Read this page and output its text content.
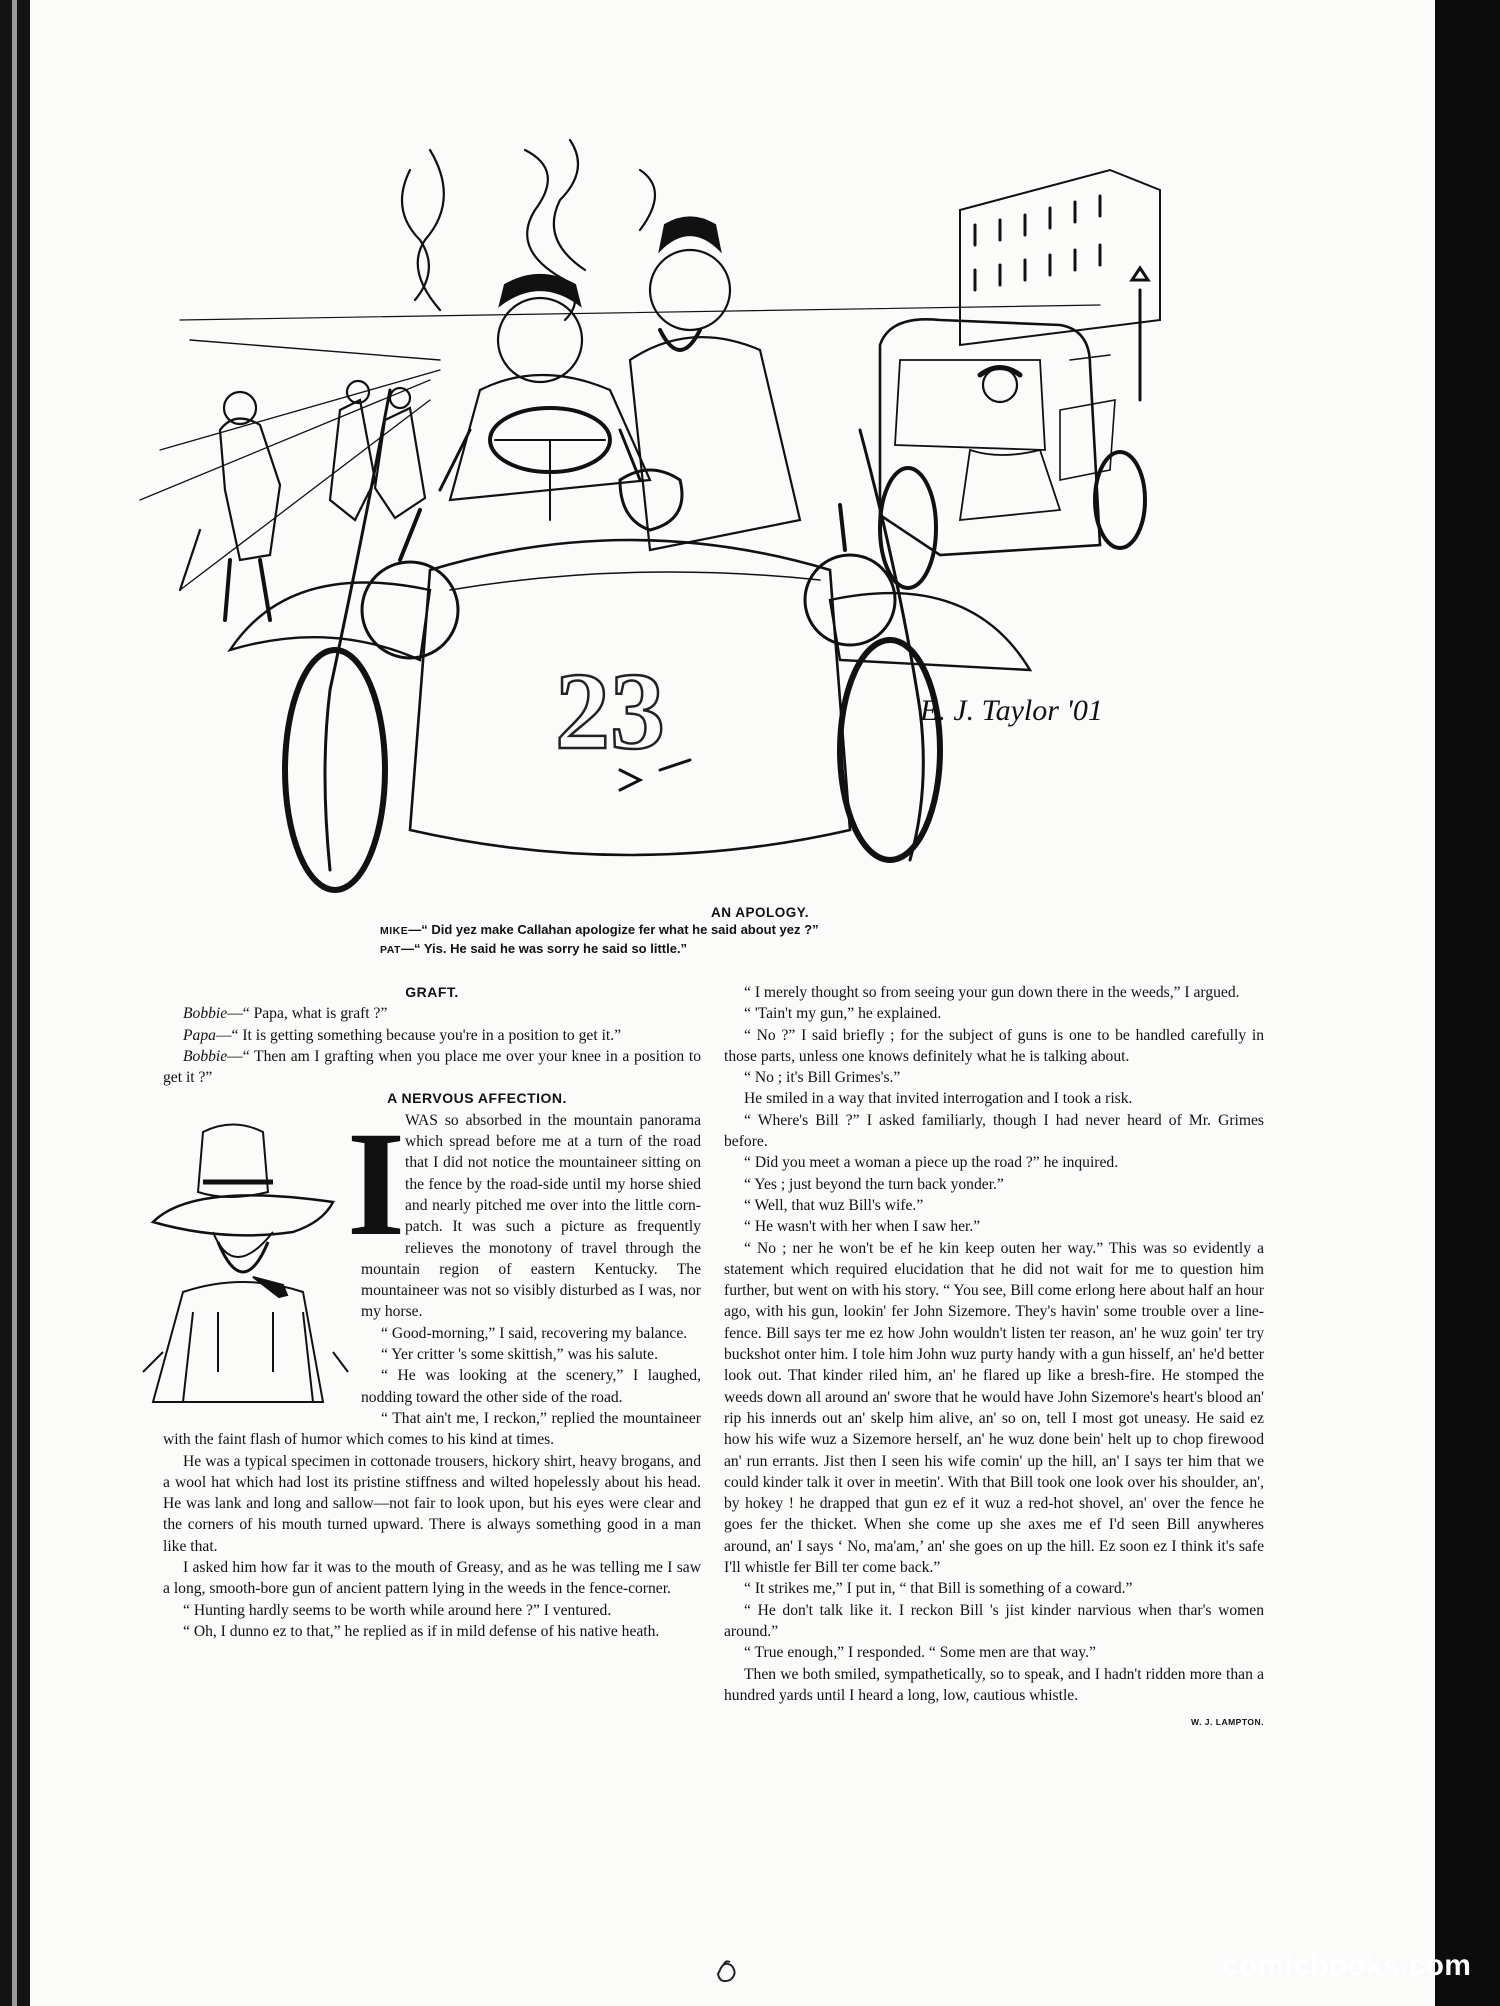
23	E. J. Taylor '01
AN APOLOGY.
MIKE—“ Did yez make Callahan apologize fer what he said about yez ?”
PAT—“ Yis. He said he was sorry he said so little.”

GRAFT.

Bobbie—“ Papa, what is graft ?”

Papa—“ It is getting something because you're in a position to get it.”

Bobbie—“ Then am I grafting when you place me over your knee in a position to get it ?”

A NERVOUS AFFECTION.

I WAS so absorbed in the mountain panorama which spread before me at a turn of the road that I did not notice the mountaineer sitting on the fence by the road-side until my horse shied and nearly pitched me over into the little corn-patch. It was such a picture as frequently relieves the monotony of travel through the mountain region of eastern Kentucky. The mountaineer was not so visibly disturbed as I was, nor my horse.

“ Good-morning,” I said, recovering my balance.

“ Yer critter 's some skittish,” was his salute.

“ He was looking at the scenery,” I laughed, nodding toward the other side of the road.

“ That ain't me, I reckon,” replied the mountaineer with the faint flash of humor which comes to his kind at times.

He was a typical specimen in cottonade trousers, hickory shirt, heavy brogans, and a wool hat which had lost its pristine stiffness and wilted hopelessly about his head. He was lank and long and sallow—not fair to look upon, but his eyes were clear and the corners of his mouth turned upward. There is always something good in a man like that.

I asked him how far it was to the mouth of Greasy, and as he was telling me I saw a long, smooth-bore gun of ancient pattern lying in the weeds in the fence-corner.

“ Hunting hardly seems to be worth while around here ?” I ventured.

“ Oh, I dunno ez to that,” he replied as if in mild defense of his native heath.

“ I merely thought so from seeing your gun down there in the weeds,” I argued.

“ 'Tain't my gun,” he explained.

“ No ?” I said briefly ; for the subject of guns is one to be handled carefully in those parts, unless one knows definitely what he is talking about.

“ No ; it's Bill Grimes's.”

He smiled in a way that invited interrogation and I took a risk.

“ Where's Bill ?” I asked familiarly, though I had never heard of Mr. Grimes before.

“ Did you meet a woman a piece up the road ?” he inquired.

“ Yes ; just beyond the turn back yonder.”

“ Well, that wuz Bill's wife.”

“ He wasn't with her when I saw her.”

“ No ; ner he won't be ef he kin keep outen her way.” This was so evidently a statement which required elucidation that he did not wait for me to question him further, but went on with his story. “ You see, Bill come erlong here about half an hour ago, with his gun, lookin' fer John Sizemore. They's havin' some trouble over a line-fence. Bill says ter me ez how John wouldn't listen ter reason, an' he wuz goin' ter try buckshot onter him. I tole him John wuz purty handy with a gun hisself, an' he'd better look out. That kinder riled him, an' he flared up like a bresh-fire. He stomped the weeds down all around an' swore that he would have John Sizemore's heart's blood an' rip his innerds out an' skelp him alive, an' so on, tell I most got uneasy. He said ez how his wife wuz a Sizemore herself, an' he wuz done bein' helt up to chop firewood an' run errants. Jist then I seen his wife comin' up the hill, an' I says ter him that we could kinder talk it over in meetin'. With that Bill took one look over his shoulder, an', by hokey ! he drapped that gun ez ef it wuz a red-hot shovel, an' over the fence he goes fer the thicket. When she come up she axes me ef I'd seen Bill anywheres around, an' I says ‘ No, ma'am,’ an' she goes on up the hill. Ez soon ez I think it's safe I'll whistle fer Bill ter come back.”

“ It strikes me,” I put in, “ that Bill is something of a coward.”

“ He don't talk like it. I reckon Bill 's jist kinder narvious when thar's women around.”

“ True enough,” I responded. “ Some men are that way.”

Then we both smiled, sympathetically, so to speak, and I hadn't ridden more than a hundred yards until I heard a long, low, cautious whistle.

W. J. LAMPTON.
comicbooks.com
